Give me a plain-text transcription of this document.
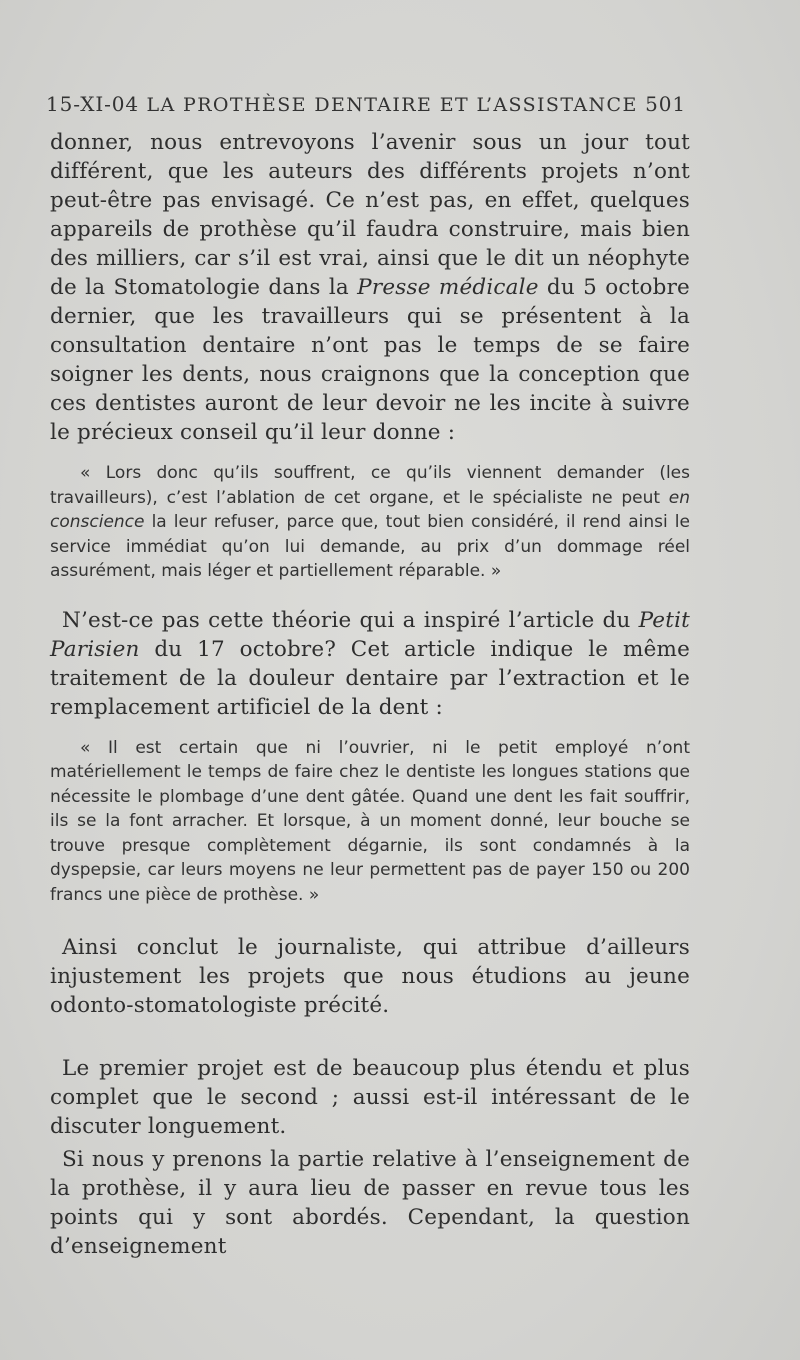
15-XI-04 LA PROTHÈSE DENTAIRE ET L’ASSISTANCE 501

donner, nous entrevoyons l’avenir sous un jour tout différent, que les auteurs des différents projets n’ont peut-être pas envisagé. Ce n’est pas, en effet, quelques appareils de prothèse qu’il faudra construire, mais bien des milliers, car s’il est vrai, ainsi que le dit un néophyte de la Stomatologie dans la Presse médicale du 5 octobre dernier, que les travailleurs qui se présentent à la consultation dentaire n’ont pas le temps de se faire soigner les dents, nous craignons que la conception que ces dentistes auront de leur devoir ne les incite à suivre le précieux conseil qu’il leur donne :

« Lors donc qu’ils souffrent, ce qu’ils viennent demander (les travailleurs), c’est l’ablation de cet organe, et le spécialiste ne peut en conscience la leur refuser, parce que, tout bien considéré, il rend ainsi le service immédiat qu’on lui demande, au prix d’un dommage réel assurément, mais léger et partiellement réparable. »

N’est-ce pas cette théorie qui a inspiré l’article du Petit Parisien du 17 octobre? Cet article indique le même traitement de la douleur dentaire par l’extraction et le remplacement artificiel de la dent :

« Il est certain que ni l’ouvrier, ni le petit employé n’ont matériellement le temps de faire chez le dentiste les longues stations que nécessite le plombage d’une dent gâtée. Quand une dent les fait souffrir, ils se la font arracher. Et lorsque, à un moment donné, leur bouche se trouve presque complètement dégarnie, ils sont condamnés à la dyspepsie, car leurs moyens ne leur permettent pas de payer 150 ou 200 francs une pièce de prothèse. »

Ainsi conclut le journaliste, qui attribue d’ailleurs injustement les projets que nous étudions au jeune odonto-stomatologiste précité.

Le premier projet est de beaucoup plus étendu et plus complet que le second ; aussi est-il intéressant de le discuter longuement.

Si nous y prenons la partie relative à l’enseignement de la prothèse, il y aura lieu de passer en revue tous les points qui y sont abordés. Cependant, la question d’enseignement
